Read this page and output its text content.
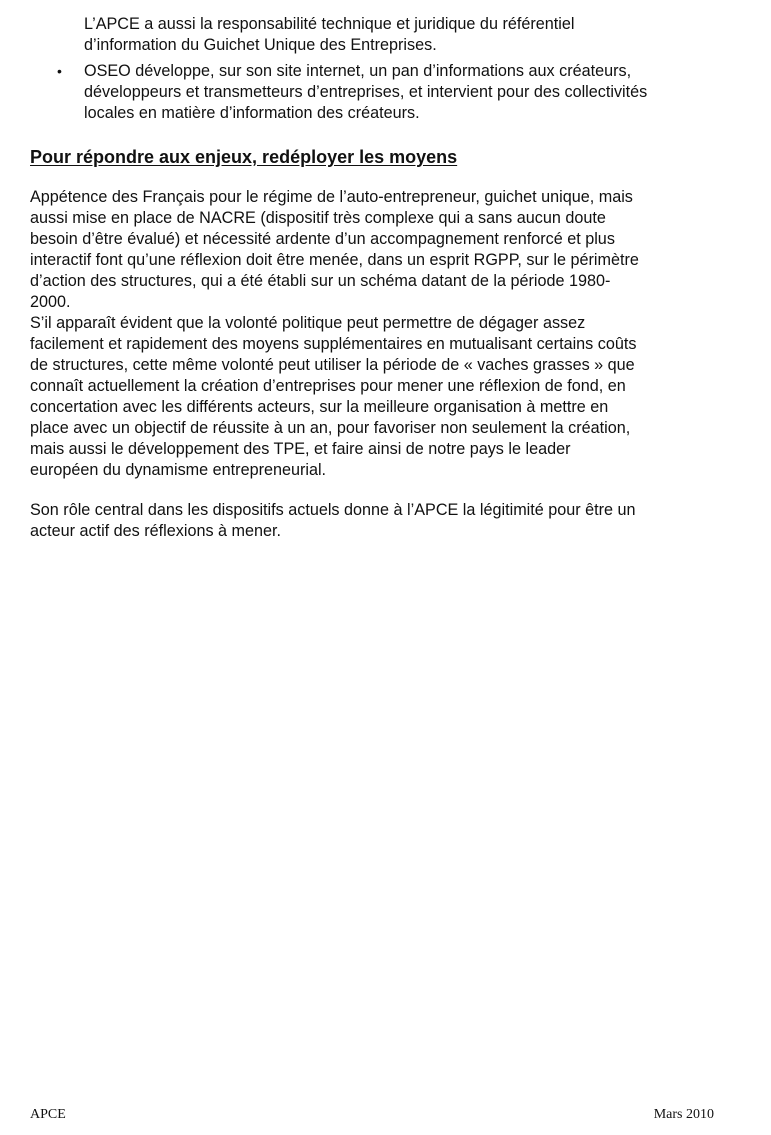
L’APCE a aussi la responsabilité technique et juridique du référentiel
d’information du Guichet Unique des Entreprises.
• OSEO développe, sur son site internet, un pan d’informations aux créateurs,
développeurs et transmetteurs d’entreprises, et intervient pour des collectivités
locales en matière d’information des créateurs.
Pour répondre aux enjeux, redéployer les moyens
Appétence des Français pour le régime de l’auto-entrepreneur, guichet unique, mais
aussi mise en place de NACRE (dispositif très complexe qui a sans aucun doute
besoin d’être évalué) et nécessité ardente d’un accompagnement renforcé et plus
interactif font qu’une réflexion doit être menée, dans un esprit RGPP, sur le périmètre
d’action des structures, qui a été établi sur un schéma datant de la période 1980-
2000.
S’il apparaît évident que la volonté politique peut permettre de dégager assez
facilement et rapidement des moyens supplémentaires en mutualisant certains coûts
de structures, cette même volonté peut utiliser la période de « vaches grasses » que
connaît actuellement la création d’entreprises pour mener une réflexion de fond, en
concertation avec les différents acteurs, sur la meilleure organisation à mettre en
place avec un objectif de réussite à un an, pour favoriser non seulement la création,
mais aussi le développement des TPE, et faire ainsi de notre pays le leader
européen du dynamisme entrepreneurial.
Son rôle central dans les dispositifs actuels donne à l’APCE la légitimité pour être un
acteur actif des réflexions à mener.
APCE	Mars 2010
